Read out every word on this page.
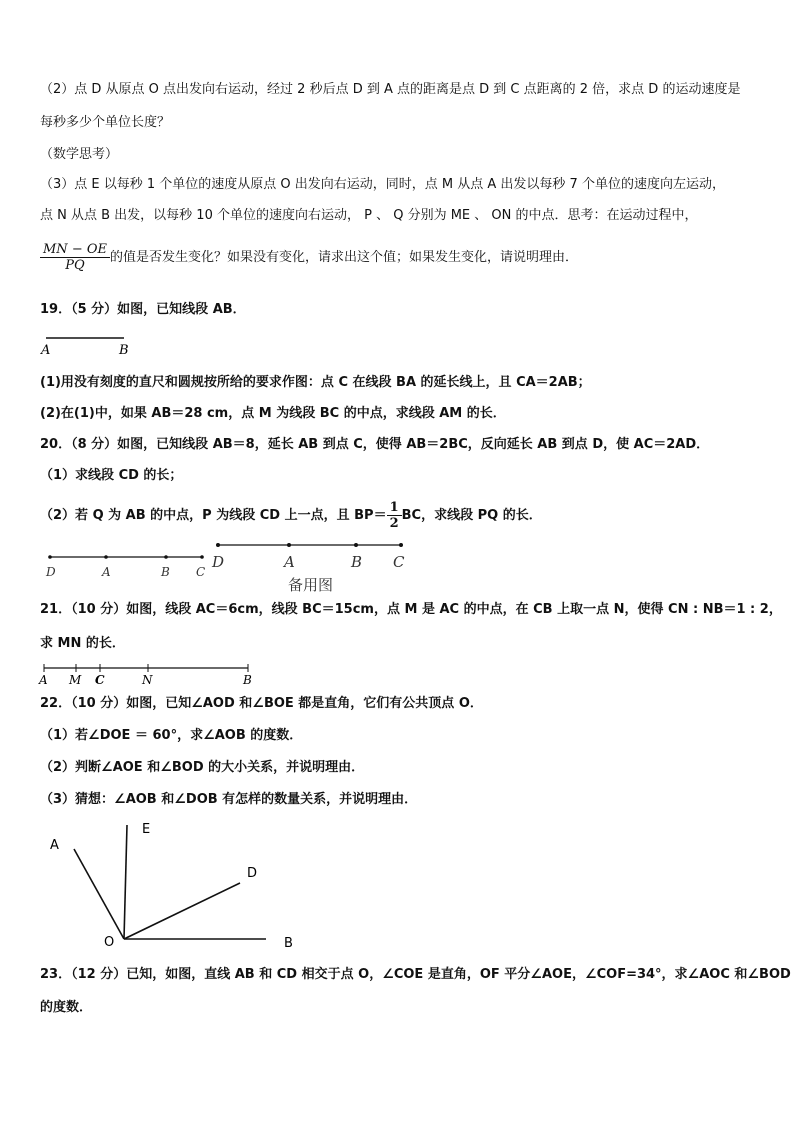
（2）点 D 从原点 O 点出发向右运动，经过 2 秒后点 D 到 A 点的距离是点 D 到 C 点距离的 2 倍，求点 D 的运动速度是
每秒多少个单位长度？
（数学思考）
（3）点 E 以每秒 1 个单位的速度从原点 O 出发向右运动，同时，点 M 从点 A 出发以每秒 7 个单位的速度向左运动，
点 N 从点 B 出发，以每秒 10 个单位的速度向右运动， P 、 Q 分别为 ME 、 ON 的中点．思考：在运动过程中，
$\frac{MN - OE}{PQ}$ 的值是否发生变化？如果没有变化，请求出这个值；如果发生变化，请说明理由．
19．（5 分）如图，已知线段 AB．
A	B
(1)用没有刻度的直尺和圆规按所给的要求作图：点 C 在线段 BA 的延长线上，且 CA＝2AB；
(2)在(1)中，如果 AB＝28 cm，点 M 为线段 BC 的中点，求线段 AM 的长．
20．（8 分）如图，已知线段 AB＝8，延长 AB 到点 C，使得 AB＝2BC，反向延长 AB 到点 D，使 AC＝2AD．
（1）求线段 CD 的长；
（2）若 Q 为 AB 的中点，P 为线段 CD 上一点，且 $BP= \frac{1}{2}$ BC，求线段 PQ 的长．
D	A	B C
D	A	B C
备用图
21．（10 分）如图，线段 AC＝6cm，线段 BC＝15cm，点 M 是 AC 的中点，在 CB 上取一点 N，使得 CN : NB＝1 : 2，
求 MN 的长．
A M C	N	B
22．（10 分）如图，已知∠AOD 和∠BOE 都是直角，它们有公共顶点 O．
（1）若∠DOE ＝ 60°，求∠AOB 的度数．
（2）判断∠AOE 和∠BOD 的大小关系，并说明理由．
（3）猜想：∠AOB 和∠DOB 有怎样的数量关系，并说明理由．
A
E
D
O	B
23．（12 分）已知，如图，直线 AB 和 CD 相交于点 O，∠COE 是直角，OF 平分∠AOE，∠COF=34°，求∠AOC 和∠BOD
的度数．
